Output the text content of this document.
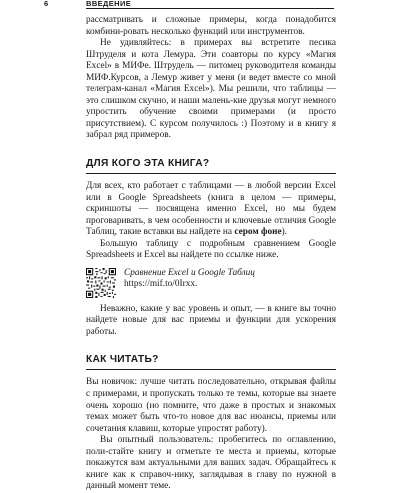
6	ВВЕДЕНИЕ

рассматривать и сложные примеры, когда понадобится комбини-ровать несколько функций или инструментов.

Не удивляйтесь: в примерах вы встретите песика Штруделя и кота Лемура. Эти соавторы по курсу «Магия Excel» в МИФе. Штрудель — питомец руководителя команды МИФ.Курсов, а Лемур живет у меня (и ведет вместе со мной телеграм-канал «Магия Excel»). Мы решили, что таблицы — это слишком скучно, и наши малень-кие друзья могут немного упростить обучение своими примерами (и просто присутствием). С курсом получилось :) Поэтому и в книгу я забрал ряд примеров.

ДЛЯ КОГО ЭТА КНИГА?

Для всех, кто работает с таблицами — в любой версии Excel или в Google Spreadsheets (книга в целом — примеры, скриншоты — посвящена именно Excel, но мы будем проговаривать, в чем особенности и ключевые отличия Google Таблиц, такие вставки вы найдете на сером фоне).

Большую таблицу с подробным сравнением Google Spreadsheets и Excel вы найдете по ссылке ниже.

Сравнение Excel и Google Таблиц
https://mif.to/0Irxx.

Неважно, какие у вас уровень и опыт, — в книге вы точно найдете новые для вас приемы и функции для ускорения работы.

КАК ЧИТАТЬ?

Вы новичок: лучше читать последовательно, открывая файлы с примерами, и пропускать только те темы, которые вы знаете очень хорошо (но помните, что даже в простых и знакомых темах может быть что-то новое для вас нюансы, приемы или сочетания клавиш, которые упростят работу).

Вы опытный пользователь: пробегитесь по оглавлению, поли-стайте книгу и отметьте те места и приемы, которые покажутся вам актуальными для ваших задач. Обращайтесь к книге как к справоч-нику, заглядывая в главу по нужной в данный момент теме.
